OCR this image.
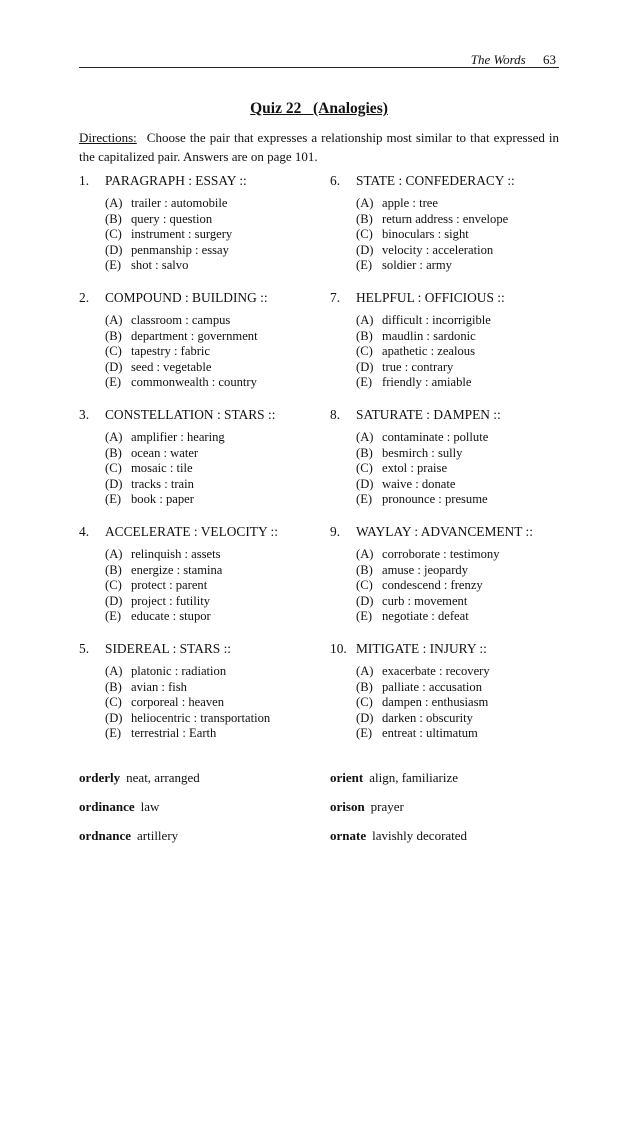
The Words 63
Quiz 22   (Analogies)
Directions: Choose the pair that expresses a relationship most similar to that expressed in the capitalized pair. Answers are on page 101.
1. PARAGRAPH : ESSAY ::
(A) trailer : automobile
(B) query : question
(C) instrument : surgery
(D) penmanship : essay
(E) shot : salvo
2. COMPOUND : BUILDING ::
(A) classroom : campus
(B) department : government
(C) tapestry : fabric
(D) seed : vegetable
(E) commonwealth : country
3. CONSTELLATION : STARS ::
(A) amplifier : hearing
(B) ocean : water
(C) mosaic : tile
(D) tracks : train
(E) book : paper
4. ACCELERATE : VELOCITY ::
(A) relinquish : assets
(B) energize : stamina
(C) protect : parent
(D) project : futility
(E) educate : stupor
5. SIDEREAL : STARS ::
(A) platonic : radiation
(B) avian : fish
(C) corporeal : heaven
(D) heliocentric : transportation
(E) terrestrial : Earth
6. STATE : CONFEDERACY ::
(A) apple : tree
(B) return address : envelope
(C) binoculars : sight
(D) velocity : acceleration
(E) soldier : army
7. HELPFUL : OFFICIOUS ::
(A) difficult : incorrigible
(B) maudlin : sardonic
(C) apathetic : zealous
(D) true : contrary
(E) friendly : amiable
8. SATURATE : DAMPEN ::
(A) contaminate : pollute
(B) besmirch : sully
(C) extol : praise
(D) waive : donate
(E) pronounce : presume
9. WAYLAY : ADVANCEMENT ::
(A) corroborate : testimony
(B) amuse : jeopardy
(C) condescend : frenzy
(D) curb : movement
(E) negotiate : defeat
10. MITIGATE : INJURY ::
(A) exacerbate : recovery
(B) palliate : accusation
(C) dampen : enthusiasm
(D) darken : obscurity
(E) entreat : ultimatum
orderly neat, arranged	orient align, familiarize
ordinance law	orison prayer
ordnance artillery	ornate lavishly decorated
